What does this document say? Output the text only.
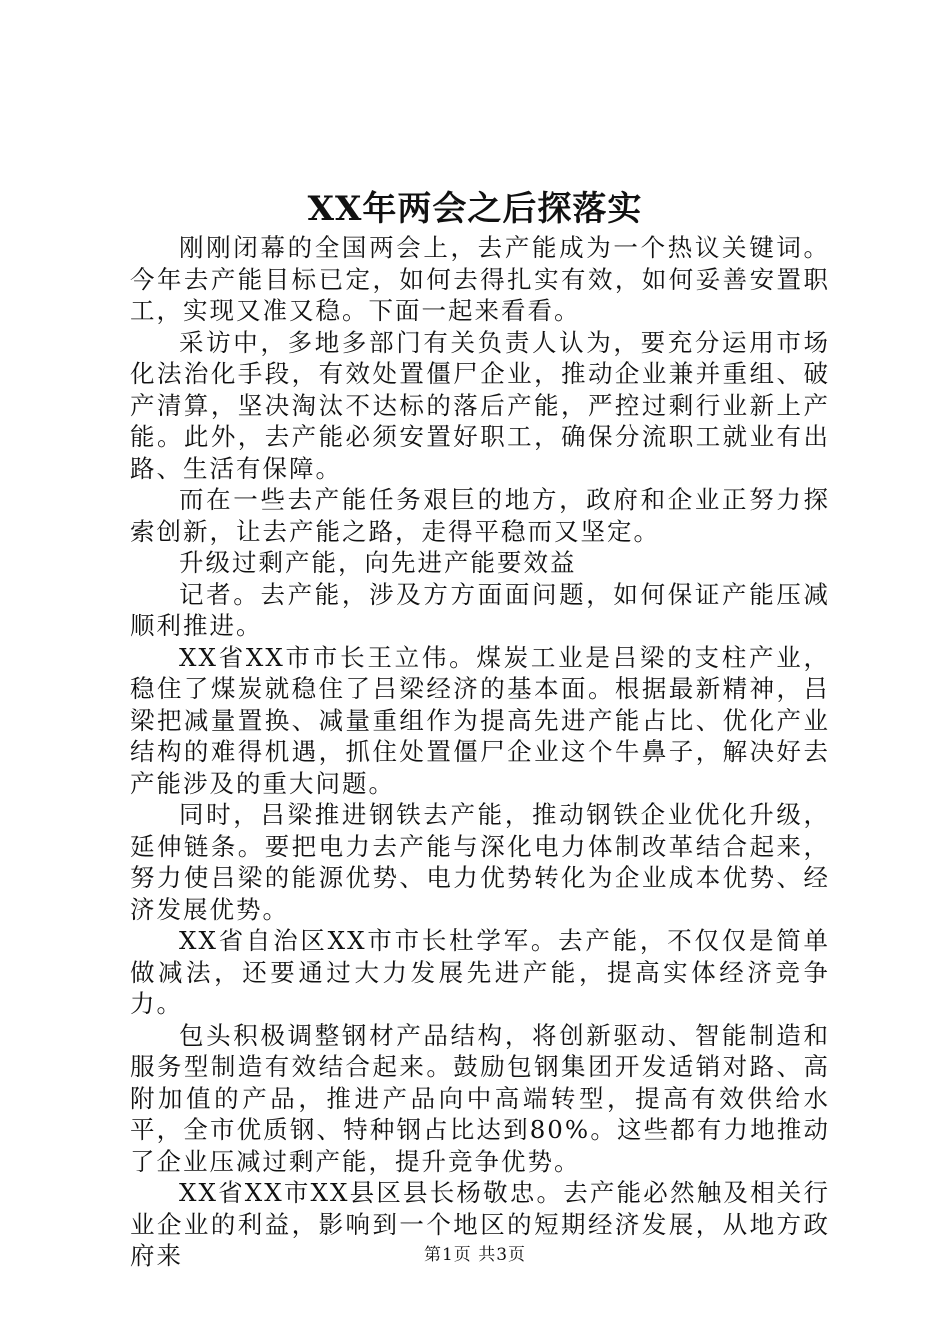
XX年两会之后探落实

刚刚闭幕的全国两会上，去产能成为一个热议关键词。今年去产能目标已定，如何去得扎实有效，如何妥善安置职工，实现又准又稳。下面一起来看看。

采访中，多地多部门有关负责人认为，要充分运用市场化法治化手段，有效处置僵尸企业，推动企业兼并重组、破产清算，坚决淘汰不达标的落后产能，严控过剩行业新上产能。此外，去产能必须安置好职工，确保分流职工就业有出路、生活有保障。

而在一些去产能任务艰巨的地方，政府和企业正努力探索创新，让去产能之路，走得平稳而又坚定。

升级过剩产能，向先进产能要效益

记者。去产能，涉及方方面面问题，如何保证产能压减顺利推进。

XX省XX市市长王立伟。煤炭工业是吕梁的支柱产业，稳住了煤炭就稳住了吕梁经济的基本面。根据最新精神，吕梁把减量置换、减量重组作为提高先进产能占比、优化产业结构的难得机遇，抓住处置僵尸企业这个牛鼻子，解决好去产能涉及的重大问题。

同时，吕梁推进钢铁去产能，推动钢铁企业优化升级，延伸链条。要把电力去产能与深化电力体制改革结合起来，努力使吕梁的能源优势、电力优势转化为企业成本优势、经济发展优势。

XX省自治区XX市市长杜学军。去产能，不仅仅是简单做减法，还要通过大力发展先进产能，提高实体经济竞争力。

包头积极调整钢材产品结构，将创新驱动、智能制造和服务型制造有效结合起来。鼓励包钢集团开发适销对路、高附加值的产品，推进产品向中高端转型，提高有效供给水平，全市优质钢、特种钢占比达到80%。这些都有力地推动了企业压减过剩产能，提升竞争优势。

XX省XX市XX县区县长杨敬忠。去产能必然触及相关行业企业的利益，影响到一个地区的短期经济发展，从地方政府来	第1页 共3页
